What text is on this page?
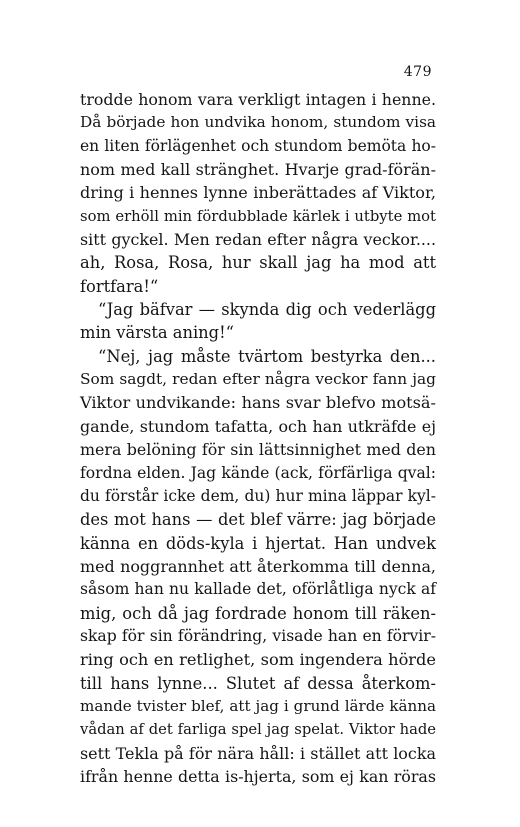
479
trodde honom vara verkligt intagen i henne.
Då började hon undvika honom, stundom visa
en liten förlägenhet och stundom bemöta ho-
nom med kall stränghet. Hvarje grad-förän-
dring i hennes lynne inberättades af Viktor,
som erhöll min fördubblade kärlek i utbyte mot
sitt gyckel. Men redan efter några veckor....
ah, Rosa, Rosa, hur skall jag ha mod att
fortfara!“
“Jag bäfvar — skynda dig och vederlägg
min värsta aning!“
“Nej, jag måste tvärtom bestyrka den...
Som sagdt, redan efter några veckor fann jag
Viktor undvikande: hans svar blefvo motsä-
gande, stundom tafatta, och han utkräfde ej
mera belöning för sin lättsinnighet med den
fordna elden. Jag kände (ack, förfärliga qval:
du förstår icke dem, du) hur mina läppar kyl-
des mot hans — det blef värre: jag började
känna en döds-kyla i hjertat. Han undvek
med noggrannhet att återkomma till denna,
såsom han nu kallade det, oförlåtliga nyck af
mig, och då jag fordrade honom till räken-
skap för sin förändring, visade han en förvir-
ring och en retlighet, som ingendera hörde
till hans lynne... Slutet af dessa återkom-
mande tvister blef, att jag i grund lärde känna
vådan af det farliga spel jag spelat. Viktor hade
sett Tekla på för nära håll: i stället att locka
ifrån henne detta is-hjerta, som ej kan röras
